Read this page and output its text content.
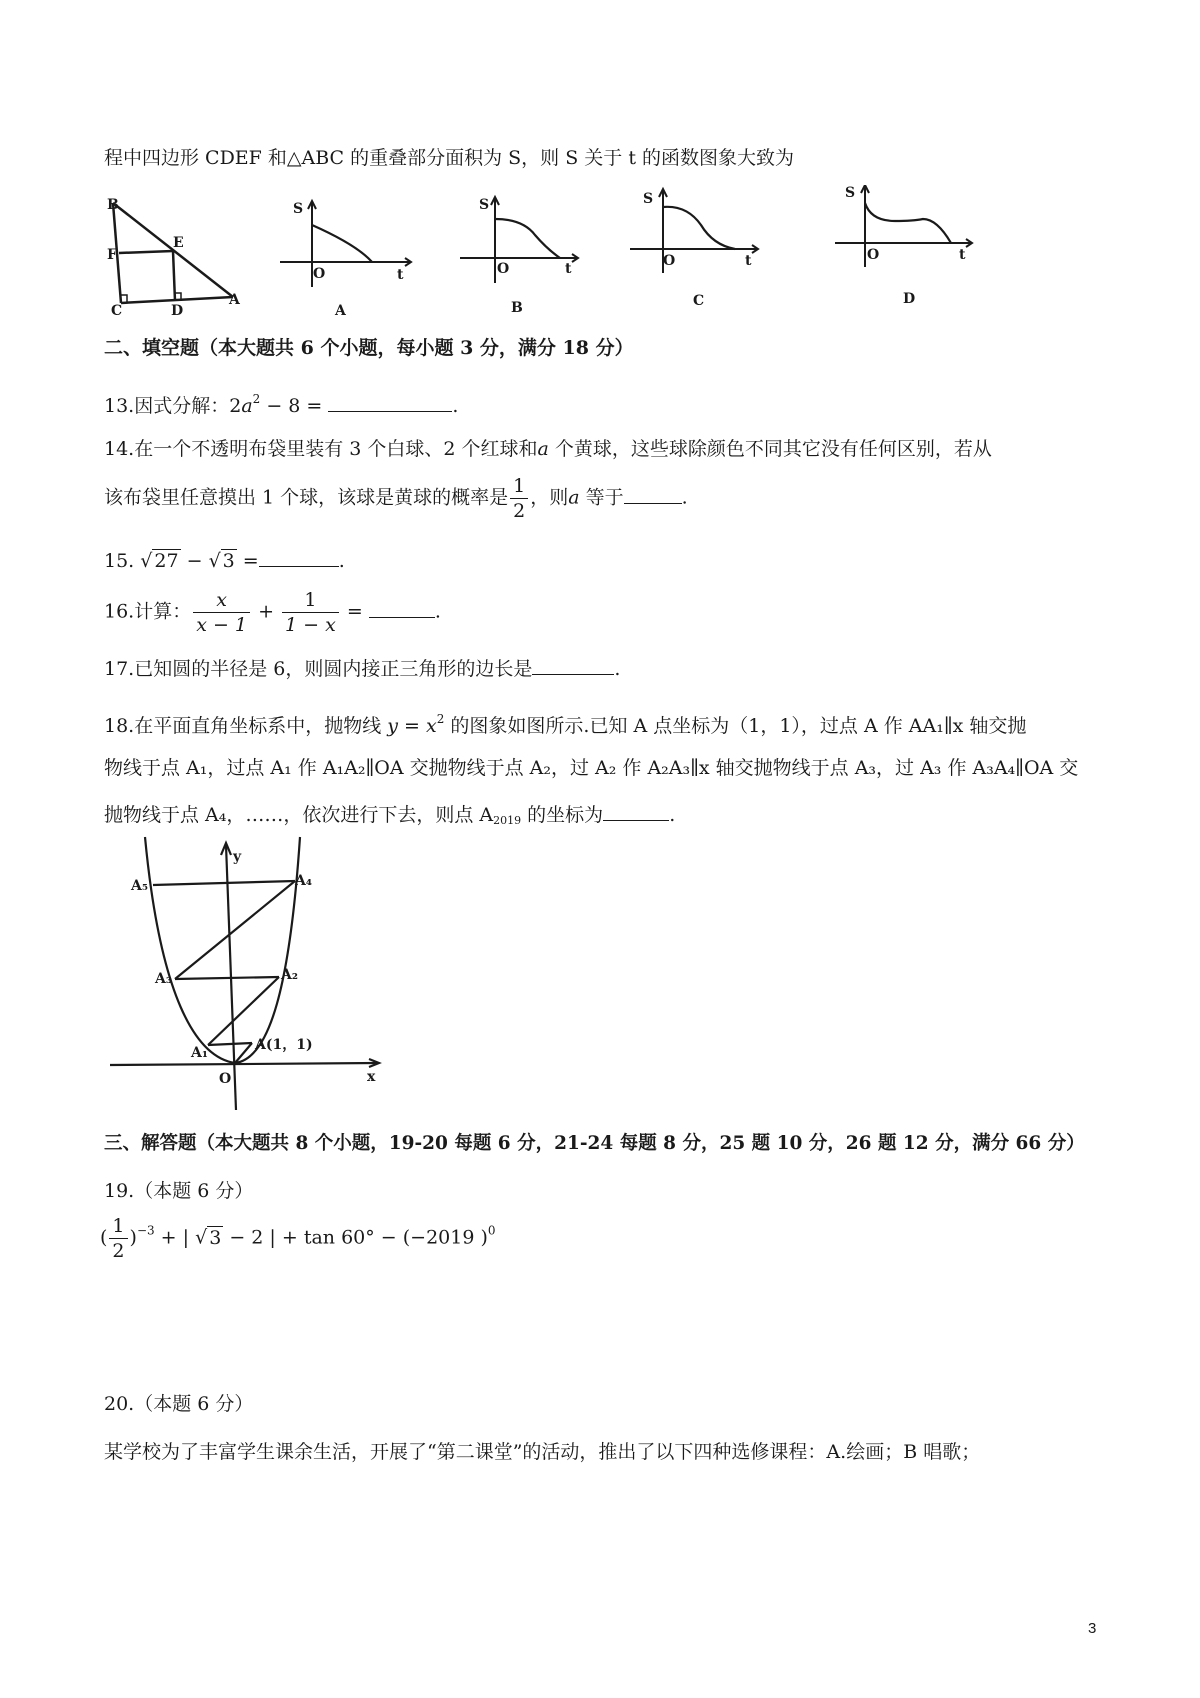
程中四边形 CDEF 和△ABC 的重叠部分面积为 S，则 S 关于 t 的函数图象大致为
B
F
E
C	D
A
S
O	t
A
S
O	t
B
S
O	t
C
S
O	t
D
二、填空题（本大题共 6 个小题，每小题 3 分，满分 18 分）
13.因式分解：$2a^2 - 8$ =	.
14.在一个不透明布袋里装有 3 个白球、2 个红球和a 个黄球，这些球除颜色不同其它没有任何区别，若从
该布袋里任意摸出 1 个球，该球是黄球的概率是 $\frac{1}{2}$ ，则a 等于	.
15. √ 27 − √ 3 =	.
16.计算： $\frac{x}{x - 1} + \frac{1}{1 - x}$ =	.
17.已知圆的半径是 6，则圆内接正三角形的边长是	.
18.在平面直角坐标系中，抛物线 $y = x^2$ 的图象如图所示.已知 A 点坐标为（1，1），过点 A 作 AA₁∥x 轴交抛
物线于点 A₁，过点 A₁ 作 A₁A₂∥OA 交抛物线于点 A₂，过 A₂ 作 A₂A₃∥x 轴交抛物线于点 A₃，过 A₃ 作 A₃A₄∥OA 交
抛物线于点 A₄，……，依次进行下去，则点 $A_{2019}$ 的坐标为	.
y
x
O
A₅	A₄
A₃	A₂
A₁	A(1，1)
三、解答题（本大题共 8 个小题，19-20 每题 6 分，21-24 每题 8 分，25 题 10 分，26 题 12 分，满分 66 分）
19.（本题 6 分）
( $\frac{1}{2} )^{-3}$ + | √ 3 − 2 | + tan 60° − (−2019 )$^0$
20.（本题 6 分）
某学校为了丰富学生课余生活，开展了“第二课堂”的活动，推出了以下四种选修课程：A.绘画；B 唱歌；
3
